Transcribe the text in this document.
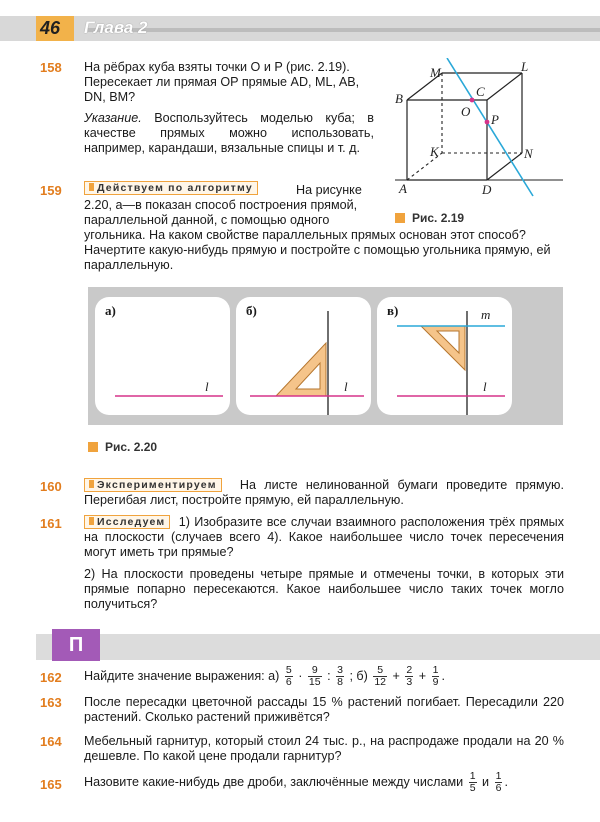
46 Глава 2
158 На рёбрах куба взяты точки O и P (рис. 2.19). Пересекает ли прямая OP прямые AD, ML, AB, DN, BM?
Указание. Воспользуйтесь моделью куба; в качестве прямых можно использовать, например, карандаши, вязальные спицы и т. д.
M	L
B	C
O
P
K	N
A	D
Рис. 2.19
159	Действуем по алгоритму	На рисунке 2.20, а—в показан способ построения прямой, параллельной данной, с помощью одного угольника. На каком свойстве параллельных прямых основан этот способ? Начертите какую-нибудь прямую и постройте с помощью угольника прямую, ей параллельную.
а)
l
б)
l
в)	m
l
Рис. 2.20
160	Экспериментируем На листе нелинованной бумаги проведите прямую. Перегибая лист, постройте прямую, ей параллельную.
161	Исследуем 1) Изобразите все случаи взаимного расположения трёх прямых на плоскости (случаев всего 4). Какое наибольшее число точек пересечения могут иметь три прямые?
2) На плоскости проведены четыре прямые и отмечены точки, в которых эти прямые попарно пересекаются. Какое наибольшее число таких точек могло получиться?
П
162 Найдите значение выражения: $а) \frac{5}{6} \cdot \frac{9}{15}$ : $\frac{3}{8}$ ; $б) \frac{5}{12} + \frac{2}{3} + \frac{1}{9}$ .
163 После пересадки цветочной рассады 15 % растений погибает. Пересадили 220 растений. Сколько растений приживётся?
164 Мебельный гарнитур, который стоил 24 тыс. р., на распродаже продали на 20 % дешевле. По какой цене продали гарнитур?
165 Назовите какие-нибудь две дроби, заключённые между числами $\frac{1}{5}$ и $\frac{1}{6}$ .
